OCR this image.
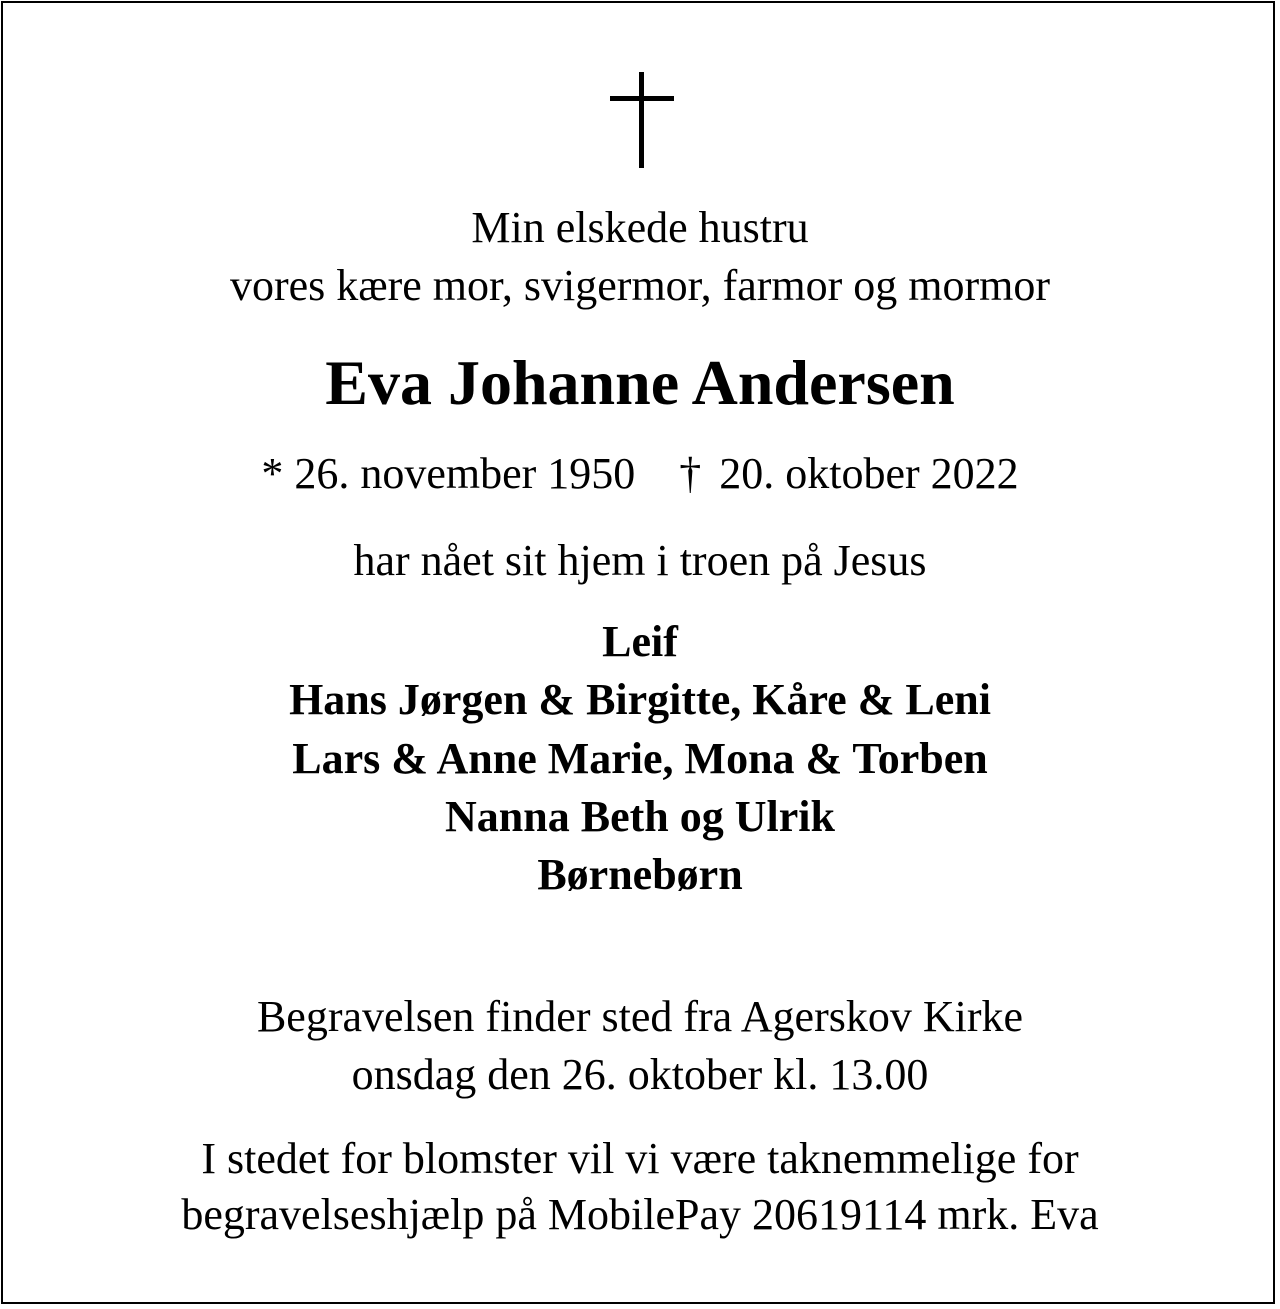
Min elskede hustru
vores kære mor, svigermor, farmor og mormor
Eva Johanne Andersen
* 26. november 1950 † 20. oktober 2022
har nået sit hjem i troen på Jesus
Leif
Hans Jørgen & Birgitte, Kåre & Leni
Lars & Anne Marie, Mona & Torben
Nanna Beth og Ulrik
Børnebørn
Begravelsen finder sted fra Agerskov Kirke
onsdag den 26. oktober kl. 13.00
I stedet for blomster vil vi være taknemmelige for
begravelseshjælp på MobilePay 20619114 mrk. Eva
